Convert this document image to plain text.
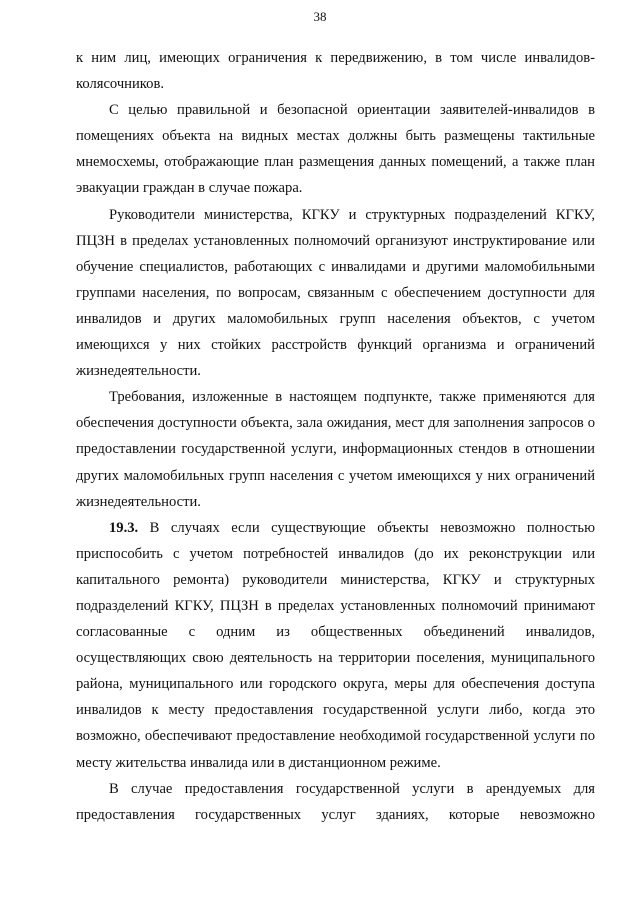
38

к ним лиц, имеющих ограничения к передвижению, в том числе инвалидов-колясочников.

С целью правильной и безопасной ориентации заявителей-инвалидов в помещениях объекта на видных местах должны быть размещены тактильные мнемосхемы, отображающие план размещения данных помещений, а также план эвакуации граждан в случае пожара.

Руководители министерства, КГКУ и структурных подразделений КГКУ, ПЦЗН в пределах установленных полномочий организуют инструктирование или обучение специалистов, работающих с инвалидами и другими маломобильными группами населения, по вопросам, связанным с обеспечением доступности для инвалидов и других маломобильных групп населения объектов, с учетом имеющихся у них стойких расстройств функций организма и ограничений жизнедеятельности.

Требования, изложенные в настоящем подпункте, также применяются для обеспечения доступности объекта, зала ожидания, мест для заполнения запросов о предоставлении государственной услуги, информационных стендов в отношении других маломобильных групп населения с учетом имеющихся у них ограничений жизнедеятельности.

19.3. В случаях если существующие объекты невозможно полностью приспособить с учетом потребностей инвалидов (до их реконструкции или капитального ремонта) руководители министерства, КГКУ и структурных подразделений КГКУ, ПЦЗН в пределах установленных полномочий принимают согласованные с одним из общественных объединений инвалидов, осуществляющих свою деятельность на территории поселения, муниципального района, муниципального или городского округа, меры для обеспечения доступа инвалидов к месту предоставления государственной услуги либо, когда это возможно, обеспечивают предоставление необходимой государственной услуги по месту жительства инвалида или в дистанционном режиме.

В случае предоставления государственной услуги в арендуемых для предоставления государственных услуг зданиях, которые невозможно
